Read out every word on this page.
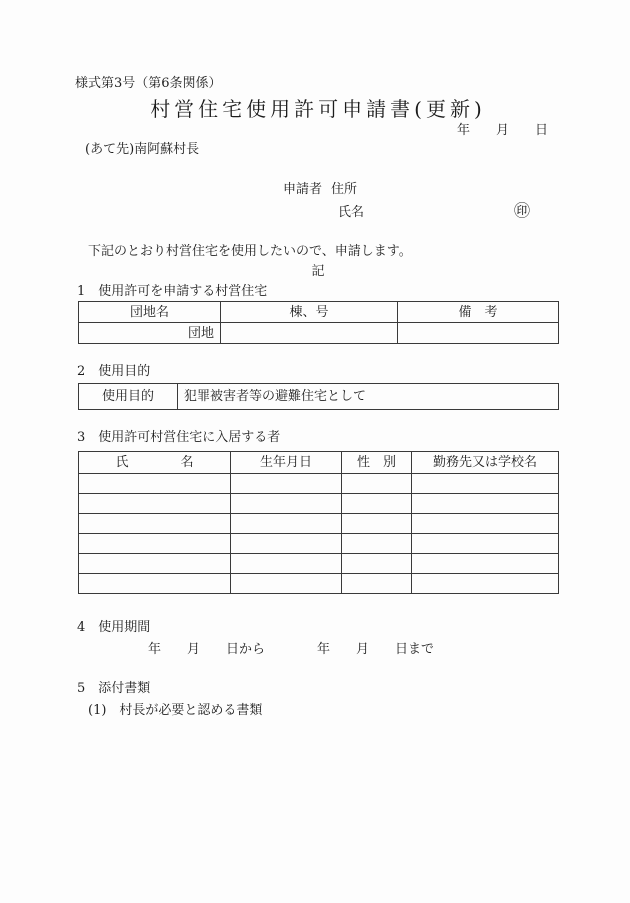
様式第3号（第6条関係）
村営住宅使用許可申請書(更新)
年　　月　　日
(あて先)南阿蘇村長
申請者 住所
氏名	㊞
下記のとおり村営住宅を使用したいので、申請します。
記
1　使用許可を申請する村営住宅
団地名	棟、号	備　考
団地		
2　使用目的
使用目的	犯罪被害者等の避難住宅として
3　使用許可村営住宅に入居する者
氏　　　　名	生年月日	性　別	勤務先又は学校名

4　使用期間
年　　月　　日から　　　　年　　月　　日まで
5　添付書類
(1)　村長が必要と認める書類
